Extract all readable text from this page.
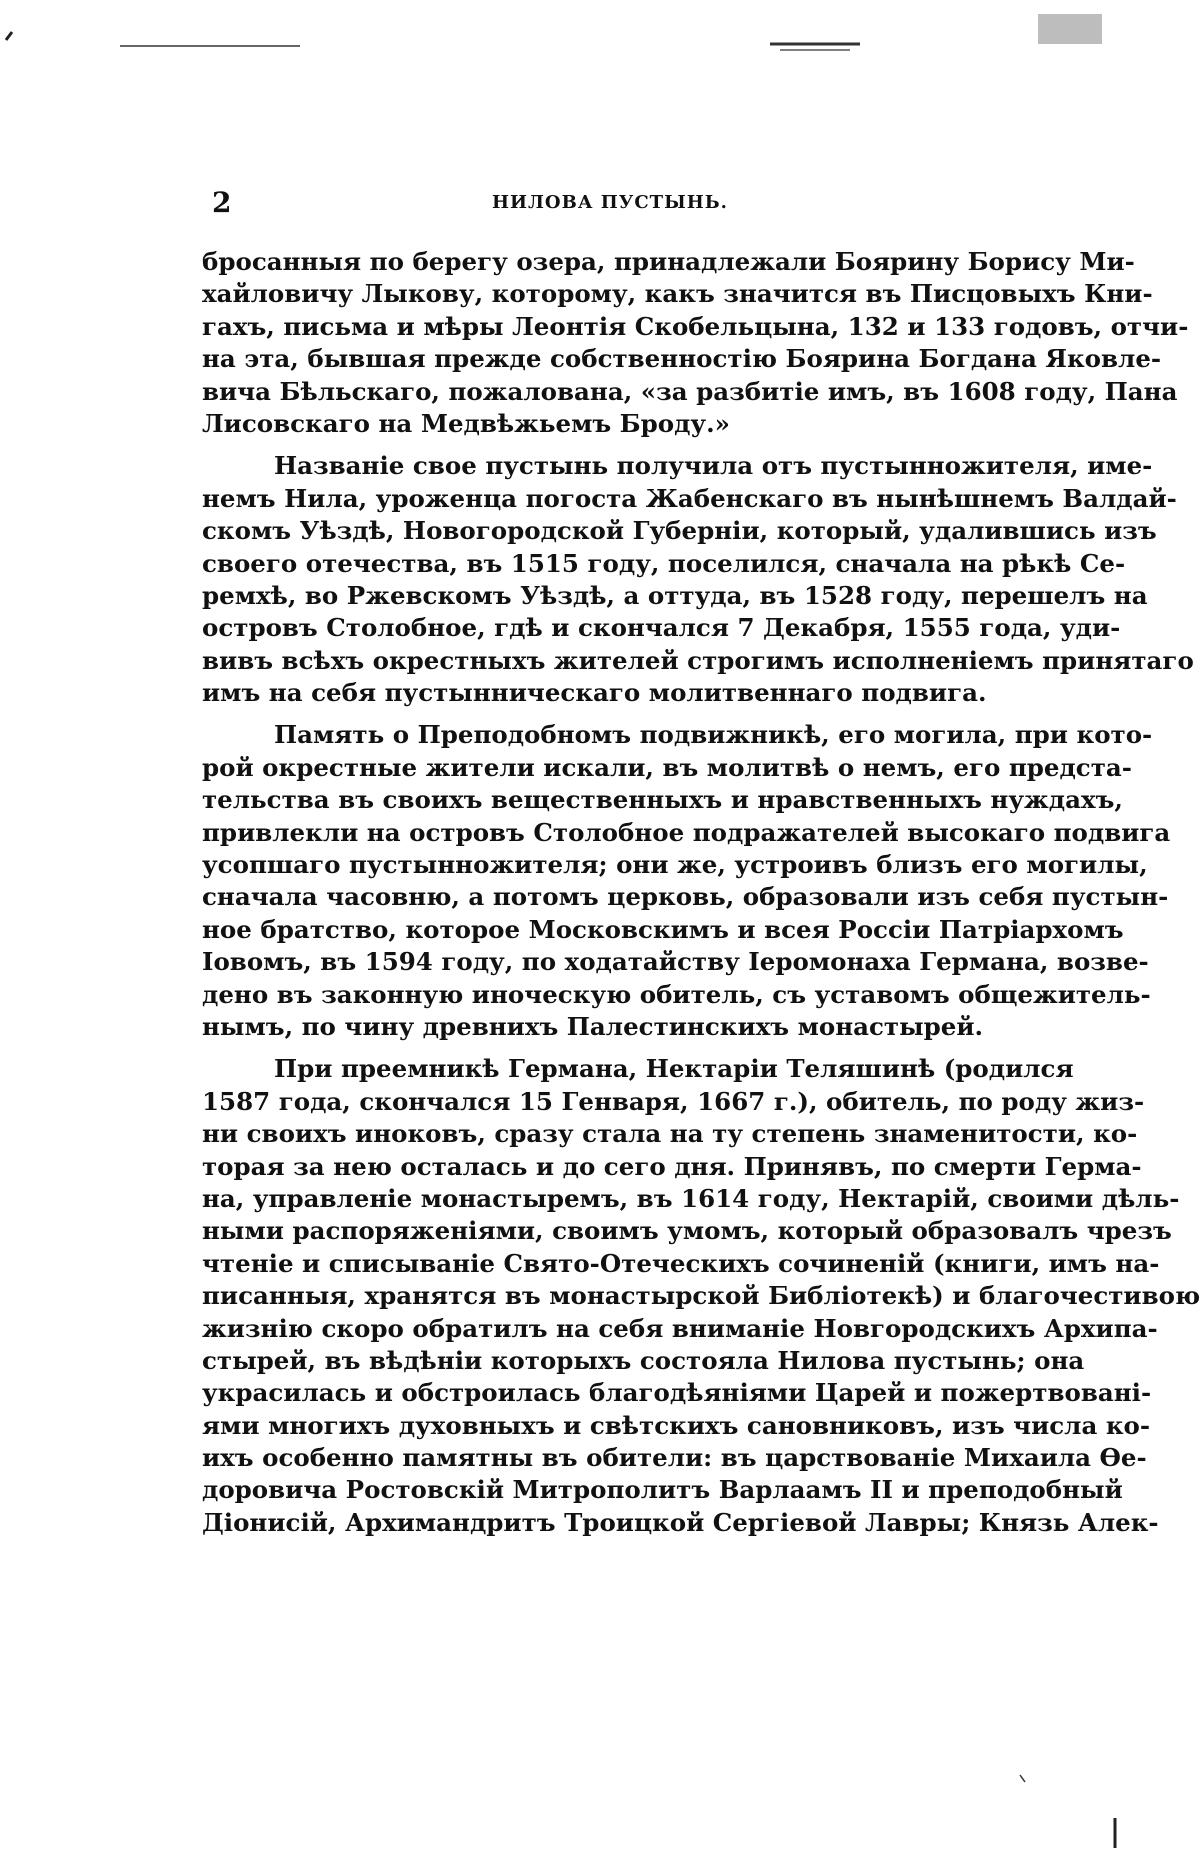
2	НИЛОВА ПУСТЫНЬ.
бросанныя по берегу озера, принадлежали Боярину Борису Ми-
хайловичу Лыкову, которому, какъ значится въ Писцовыхъ Кни-
гахъ, письма и мѣры Леонтія Скобельцына, 132 и 133 годовъ, отчи-
на эта, бывшая прежде собственностію Боярина Богдана Яковле-
вича Бѣльскаго, пожалована, «за разбитіе имъ, въ 1608 году, Пана
Лисовскаго на Медвѣжьемъ Броду.»
Названіе свое пустынь получила отъ пустынножителя, име-
немъ Нила, уроженца погоста Жабенскаго въ нынѣшнемъ Валдай-
скомъ Уѣздѣ, Новогородской Губерніи, который, удалившись изъ
своего отечества, въ 1515 году, поселился, сначала на рѣкѣ Се-
ремхѣ, во Ржевскомъ Уѣздѣ, а оттуда, въ 1528 году, перешелъ на
островъ Столобное, гдѣ и скончался 7 Декабря, 1555 года, уди-
вивъ всѣхъ окрестныхъ жителей строгимъ исполненіемъ принятаго
имъ на себя пустынническаго молитвеннаго подвига.
Память о Преподобномъ подвижникѣ, его могила, при кото-
рой окрестные жители искали, въ молитвѣ о немъ, его предста-
тельства въ своихъ вещественныхъ и нравственныхъ нуждахъ,
привлекли на островъ Столобное подражателей высокаго подвига
усопшаго пустынножителя; они же, устроивъ близъ его могилы,
сначала часовню, а потомъ церковь, образовали изъ себя пустын-
ное братство, которое Московскимъ и всея Россіи Патріархомъ
Іовомъ, въ 1594 году, по ходатайству Іеромонаха Германа, возве-
дено въ законную иноческую обитель, съ уставомъ общежитель-
нымъ, по чину древнихъ Палестинскихъ монастырей.
При преемникѣ Германа, Нектаріи Теляшинѣ (родился
1587 года, скончался 15 Генваря, 1667 г.), обитель, по роду жиз-
ни своихъ иноковъ, сразу стала на ту степень знаменитости, ко-
торая за нею осталась и до сего дня. Принявъ, по смерти Герма-
на, управленіе монастыремъ, въ 1614 году, Нектарій, своими дѣль-
ными распоряженіями, своимъ умомъ, который образовалъ чрезъ
чтеніе и списываніе Свято-Отеческихъ сочиненій (книги, имъ на-
писанныя, хранятся въ монастырской Библіотекѣ) и благочестивою
жизнію скоро обратилъ на себя вниманіе Новгородскихъ Архипа-
стырей, въ вѣдѣніи которыхъ состояла Нилова пустынь; она
украсилась и обстроилась благодѣяніями Царей и пожертвовані-
ями многихъ духовныхъ и свѣтскихъ сановниковъ, изъ числа ко-
ихъ особенно памятны въ обители: въ царствованіе Михаила Ѳе-
доровича Ростовскій Митрополитъ Варлаамъ II и преподобный
Діонисій, Архимандритъ Троицкой Сергіевой Лавры; Князь Алек-
